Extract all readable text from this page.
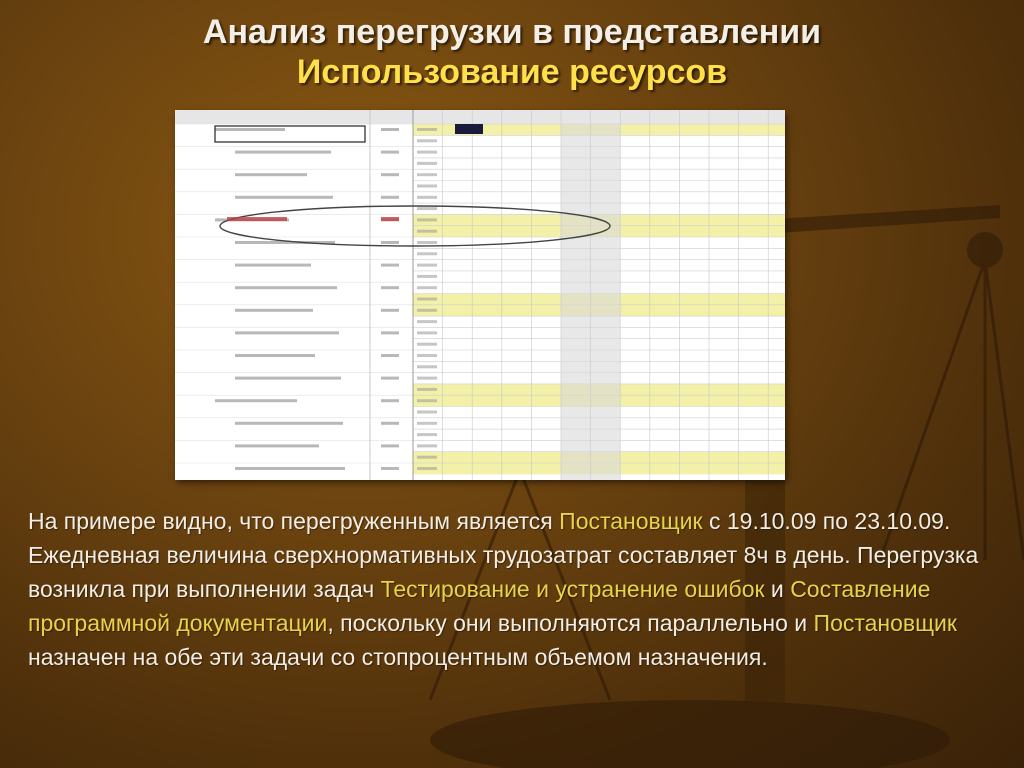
Анализ перегрузки в представлении
Использование ресурсов
На примере видно, что перегруженным является Постановщик с 19.10.09 по 23.10.09. Ежедневная величина сверхнормативных трудозатрат составляет 8ч в день. Перегрузка возникла при выполнении задач Тестирование и устранение ошибок и Составление программной документации, поскольку они выполняются параллельно и Постановщик назначен на обе эти задачи со стопроцентным объемом назначения.
